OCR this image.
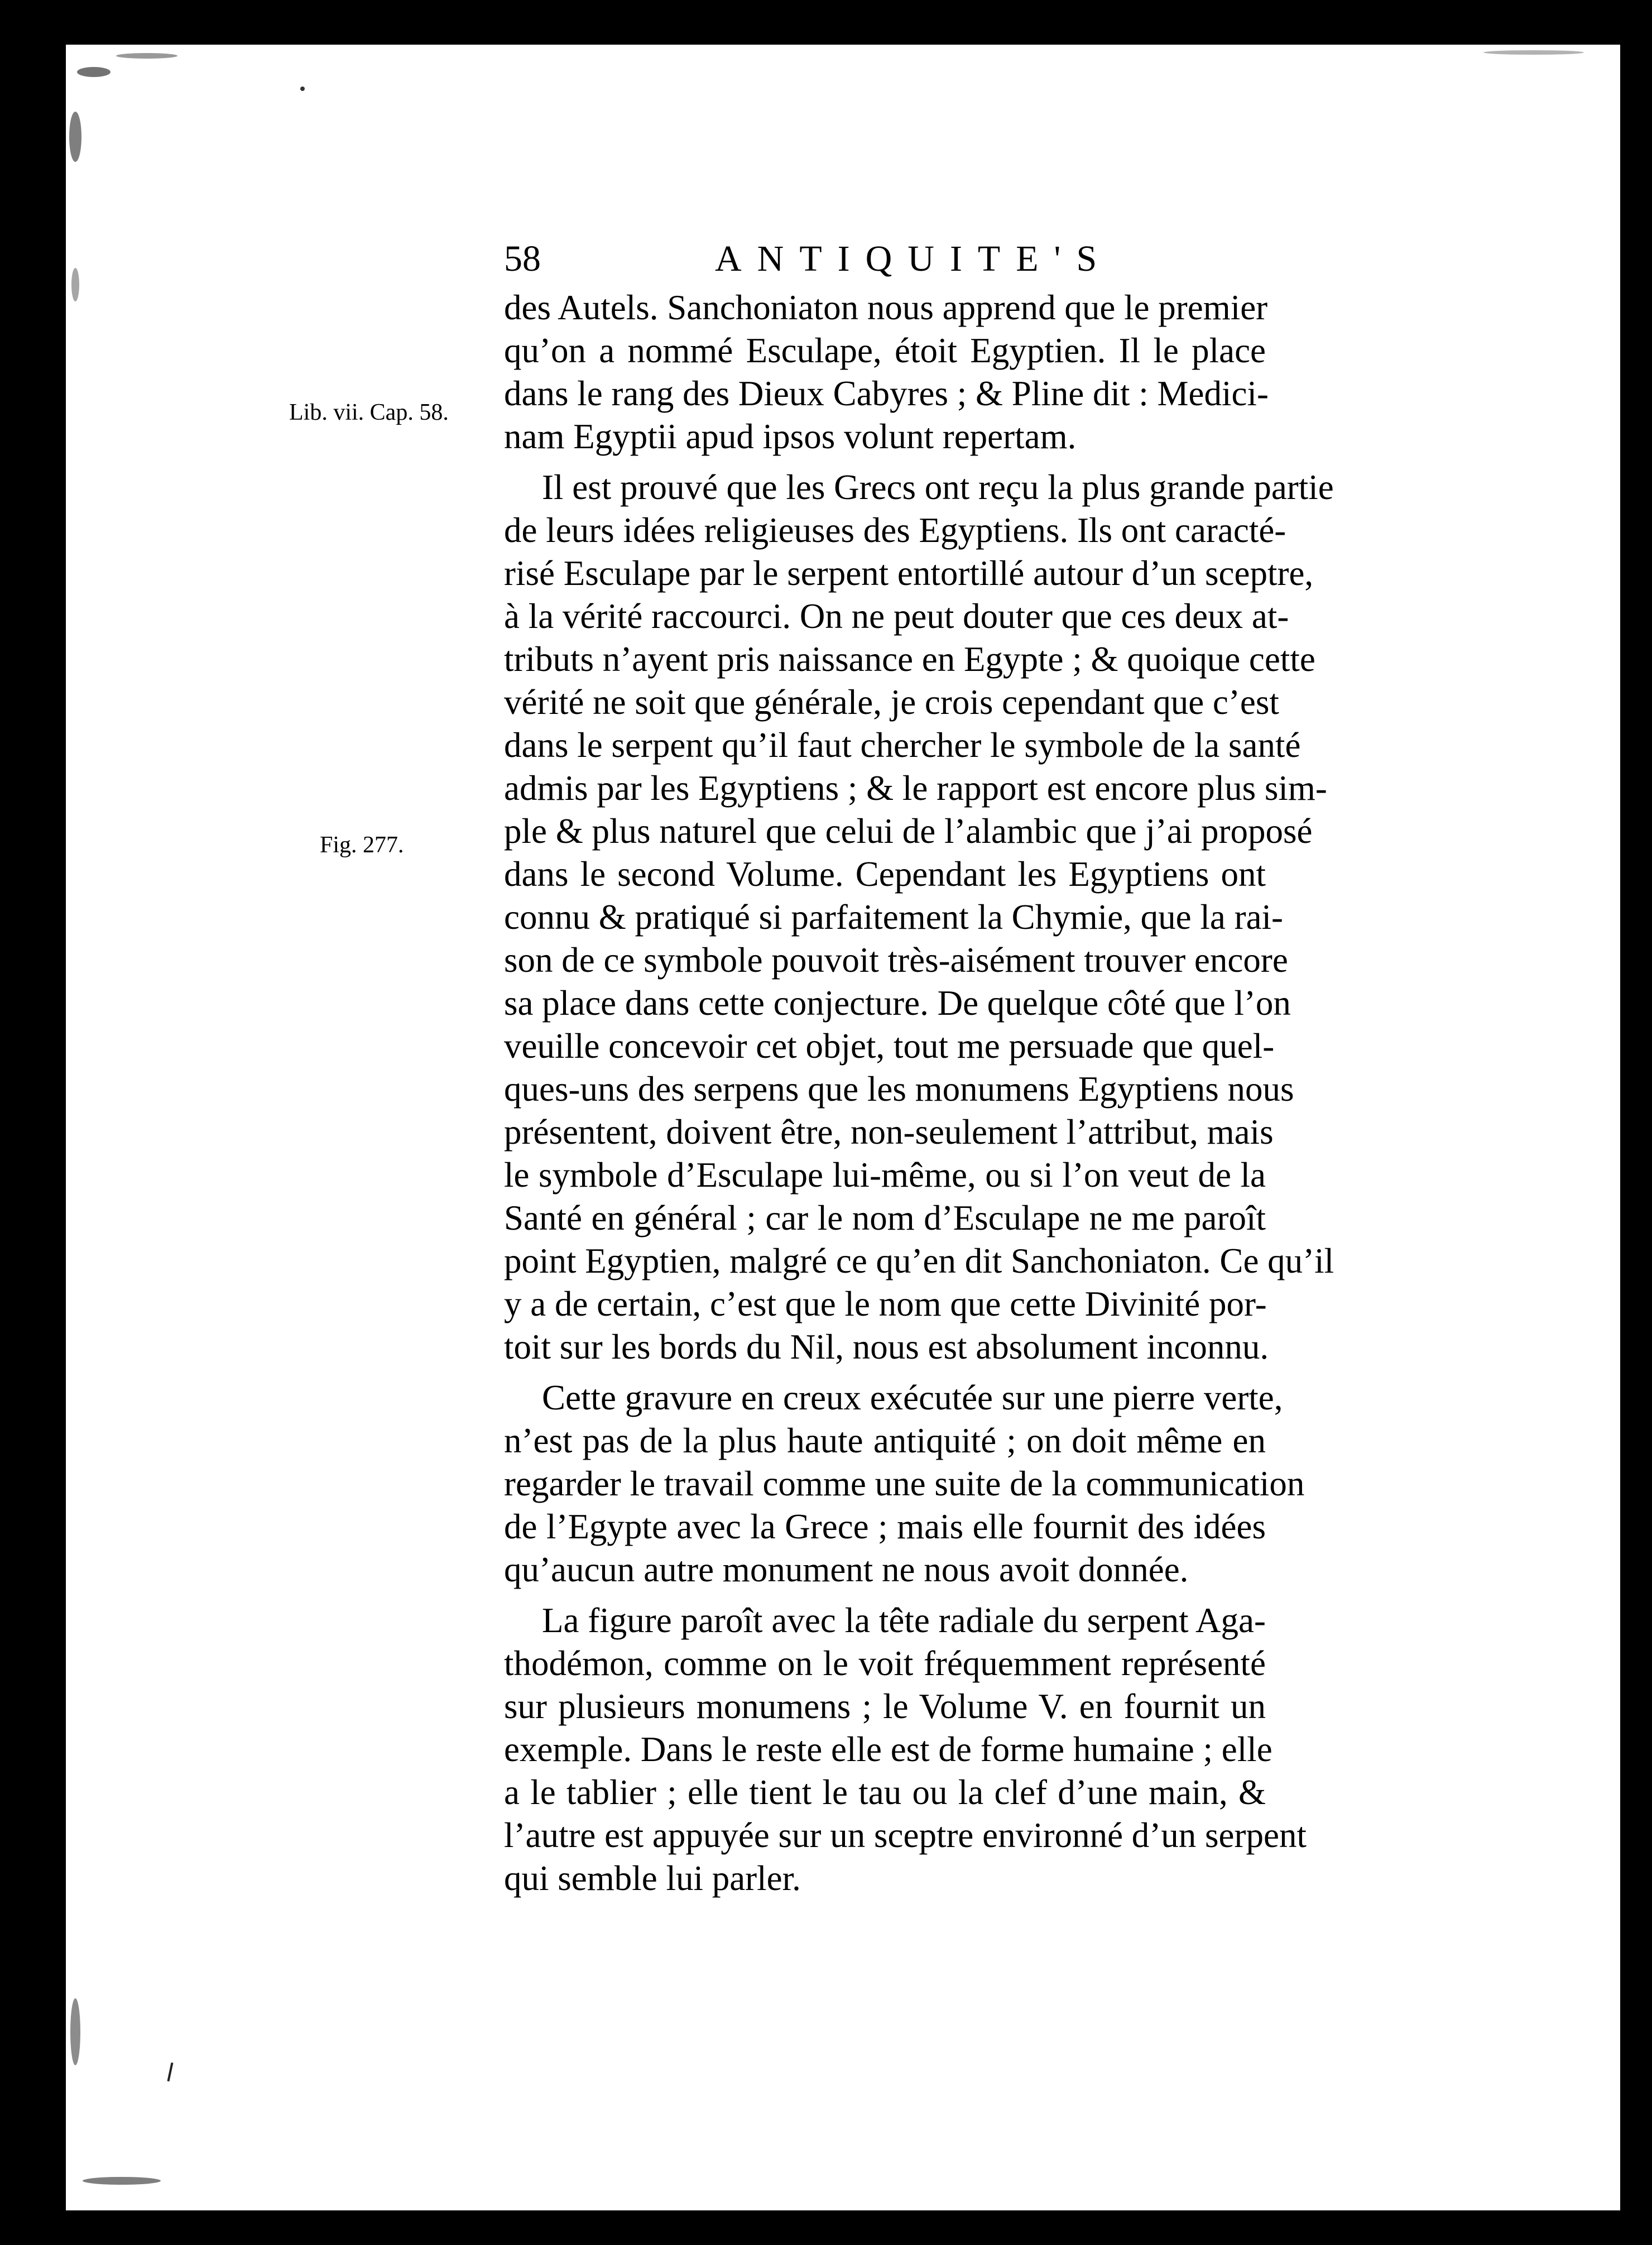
Lib. vii. Cap. 58.
Fig. 277.
58	ANTIQUITE'S
des Autels. Sanchoniaton nous apprend que le premier
qu’on a nommé Esculape, étoit Egyptien. Il le place
dans le rang des Dieux Cabyres ; & Pline dit : Medici-
nam Egyptii apud ipsos volunt repertam.
Il est prouvé que les Grecs ont reçu la plus grande partie
de leurs idées religieuses des Egyptiens. Ils ont caracté-
risé Esculape par le serpent entortillé autour d’un sceptre,
à la vérité raccourci. On ne peut douter que ces deux at-
tributs n’ayent pris naissance en Egypte ; & quoique cette
vérité ne soit que générale, je crois cependant que c’est
dans le serpent qu’il faut chercher le symbole de la santé
admis par les Egyptiens ; & le rapport est encore plus sim-
ple & plus naturel que celui de l’alambic que j’ai proposé
dans le second Volume. Cependant les Egyptiens ont
connu & pratiqué si parfaitement la Chymie, que la rai-
son de ce symbole pouvoit très-aisément trouver encore
sa place dans cette conjecture. De quelque côté que l’on
veuille concevoir cet objet, tout me persuade que quel-
ques-uns des serpens que les monumens Egyptiens nous
présentent, doivent être, non-seulement l’attribut, mais
le symbole d’Esculape lui-même, ou si l’on veut de la
Santé en général ; car le nom d’Esculape ne me paroît
point Egyptien, malgré ce qu’en dit Sanchoniaton. Ce qu’il
y a de certain, c’est que le nom que cette Divinité por-
toit sur les bords du Nil, nous est absolument inconnu.
Cette gravure en creux exécutée sur une pierre verte,
n’est pas de la plus haute antiquité ; on doit même en
regarder le travail comme une suite de la communication
de l’Egypte avec la Grece ; mais elle fournit des idées
qu’aucun autre monument ne nous avoit donnée.
La figure paroît avec la tête radiale du serpent Aga-
thodémon, comme on le voit fréquemment représenté
sur plusieurs monumens ; le Volume V. en fournit un
exemple. Dans le reste elle est de forme humaine ; elle
a le tablier ; elle tient le tau ou la clef d’une main, &
l’autre est appuyée sur un sceptre environné d’un serpent
qui semble lui parler.
